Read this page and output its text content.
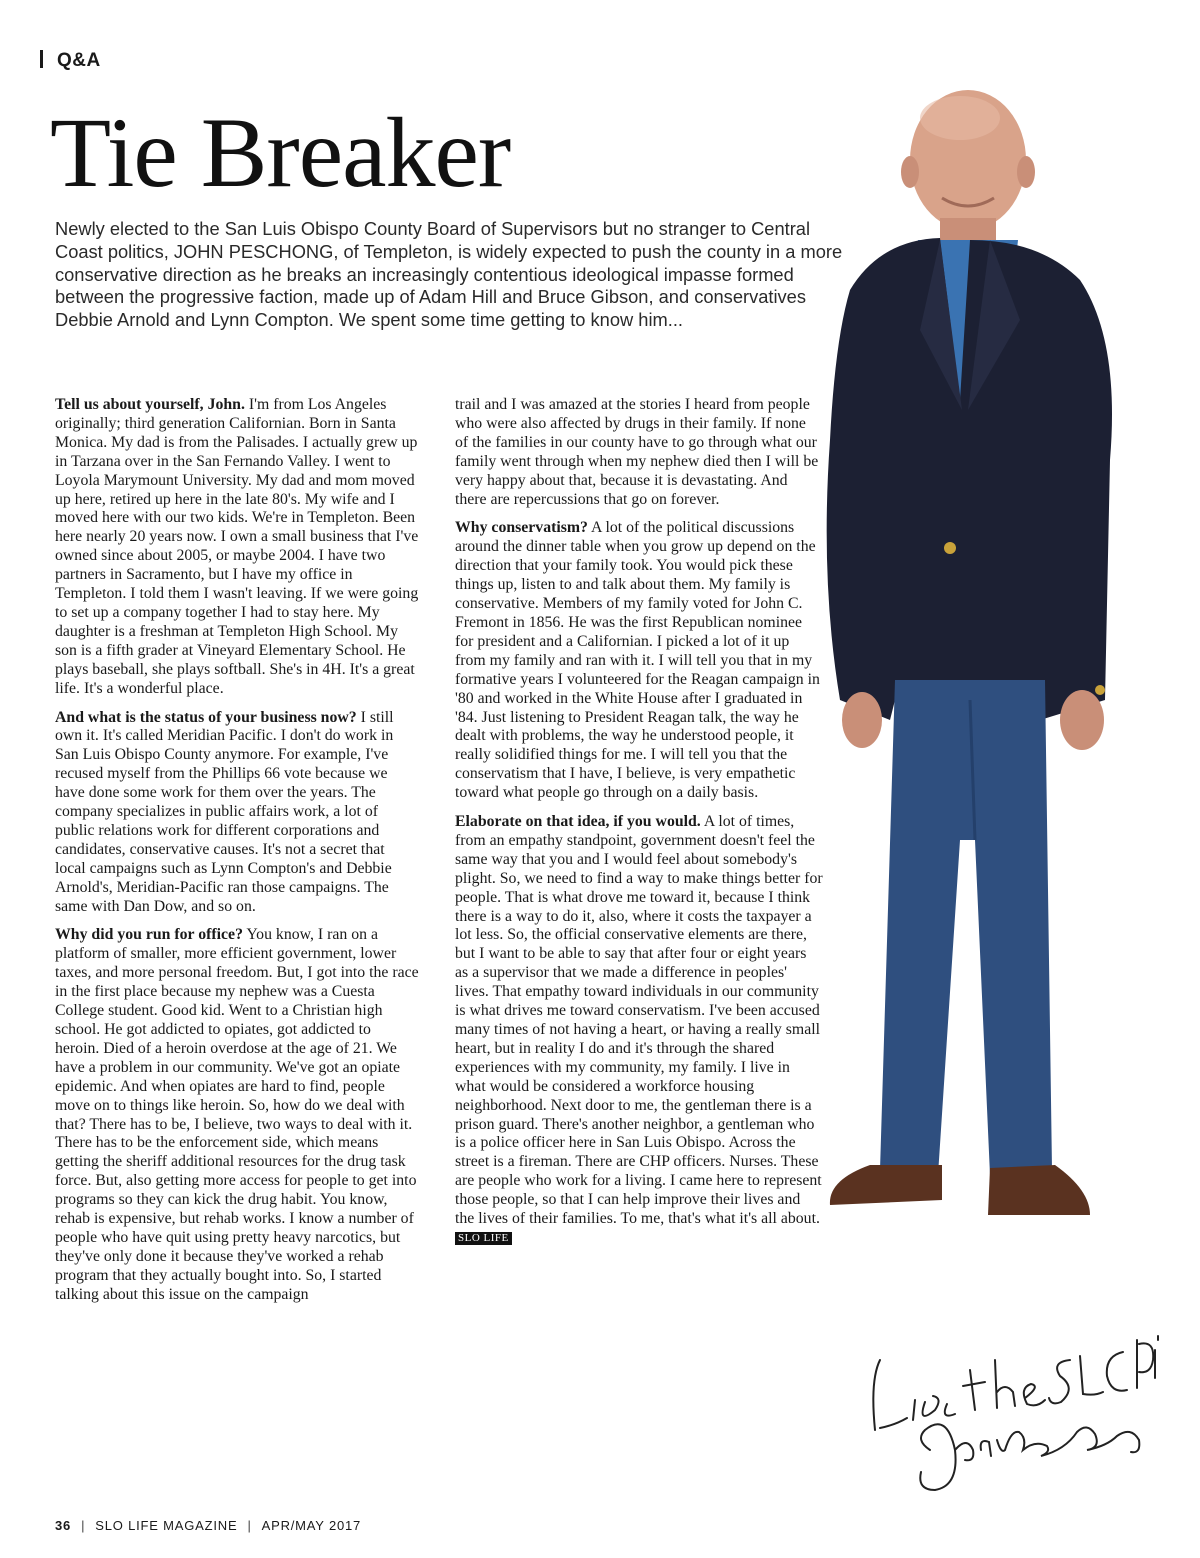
Q&A
Tie Breaker

Newly elected to the San Luis Obispo County Board of Supervisors but no stranger to Central Coast politics, JOHN PESCHONG, of Templeton, is widely expected to push the county in a more conservative direction as he breaks an increasingly contentious ideological impasse formed between the progressive faction, made up of Adam Hill and Bruce Gibson, and conservatives Debbie Arnold and Lynn Compton. We spent some time getting to know him...

Tell us about yourself, John. I'm from Los Angeles originally; third generation Californian. Born in Santa Monica. My dad is from the Palisades. I actually grew up in Tarzana over in the San Fernando Valley. I went to Loyola Marymount University. My dad and mom moved up here, retired up here in the late 80's. My wife and I moved here with our two kids. We're in Templeton. Been here nearly 20 years now. I own a small business that I've owned since about 2005, or maybe 2004. I have two partners in Sacramento, but I have my office in Templeton. I told them I wasn't leaving. If we were going to set up a company together I had to stay here. My daughter is a freshman at Templeton High School. My son is a fifth grader at Vineyard Elementary School. He plays baseball, she plays softball. She's in 4H. It's a great life. It's a wonderful place.

And what is the status of your business now? I still own it. It's called Meridian Pacific. I don't do work in San Luis Obispo County anymore. For example, I've recused myself from the Phillips 66 vote because we have done some work for them over the years. The company specializes in public affairs work, a lot of public relations work for different corporations and candidates, conservative causes. It's not a secret that local campaigns such as Lynn Compton's and Debbie Arnold's, Meridian-Pacific ran those campaigns. The same with Dan Dow, and so on.

Why did you run for office? You know, I ran on a platform of smaller, more efficient government, lower taxes, and more personal freedom. But, I got into the race in the first place because my nephew was a Cuesta College student. Good kid. Went to a Christian high school. He got addicted to opiates, got addicted to heroin. Died of a heroin overdose at the age of 21. We have a problem in our community. We've got an opiate epidemic. And when opiates are hard to find, people move on to things like heroin. So, how do we deal with that? There has to be, I believe, two ways to deal with it. There has to be the enforcement side, which means getting the sheriff additional resources for the drug task force. But, also getting more access for people to get into programs so they can kick the drug habit. You know, rehab is expensive, but rehab works. I know a number of people who have quit using pretty heavy narcotics, but they've only done it because they've worked a rehab program that they actually bought into. So, I started talking about this issue on the campaign

trail and I was amazed at the stories I heard from people who were also affected by drugs in their family. If none of the families in our county have to go through what our family went through when my nephew died then I will be very happy about that, because it is devastating. And there are repercussions that go on forever.

Why conservatism? A lot of the political discussions around the dinner table when you grow up depend on the direction that your family took. You would pick these things up, listen to and talk about them. My family is conservative. Members of my family voted for John C. Fremont in 1856. He was the first Republican nominee for president and a Californian. I picked a lot of it up from my family and ran with it. I will tell you that in my formative years I volunteered for the Reagan campaign in '80 and worked in the White House after I graduated in '84. Just listening to President Reagan talk, the way he dealt with problems, the way he understood people, it really solidified things for me. I will tell you that the conservatism that I have, I believe, is very empathetic toward what people go through on a daily basis.

Elaborate on that idea, if you would. A lot of times, from an empathy standpoint, government doesn't feel the same way that you and I would feel about somebody's plight. So, we need to find a way to make things better for people. That is what drove me toward it, because I think there is a way to do it, also, where it costs the taxpayer a lot less. So, the official conservative elements are there, but I want to be able to say that after four or eight years as a supervisor that we made a difference in peoples' lives. That empathy toward individuals in our community is what drives me toward conservatism. I've been accused many times of not having a heart, or having a really small heart, but in reality I do and it's through the shared experiences with my community, my family. I live in what would be considered a workforce housing neighborhood. Next door to me, the gentleman there is a prison guard. There's another neighbor, a gentleman who is a police officer here in San Luis Obispo. Across the street is a fireman. There are CHP officers. Nurses. These are people who work for a living. I came here to represent those people, so that I can help improve their lives and the lives of their families. To me, that's what it's all about. SLO LIFE

Live the SLO Life!
36 | SLO LIFE MAGAZINE | APR/MAY 2017
